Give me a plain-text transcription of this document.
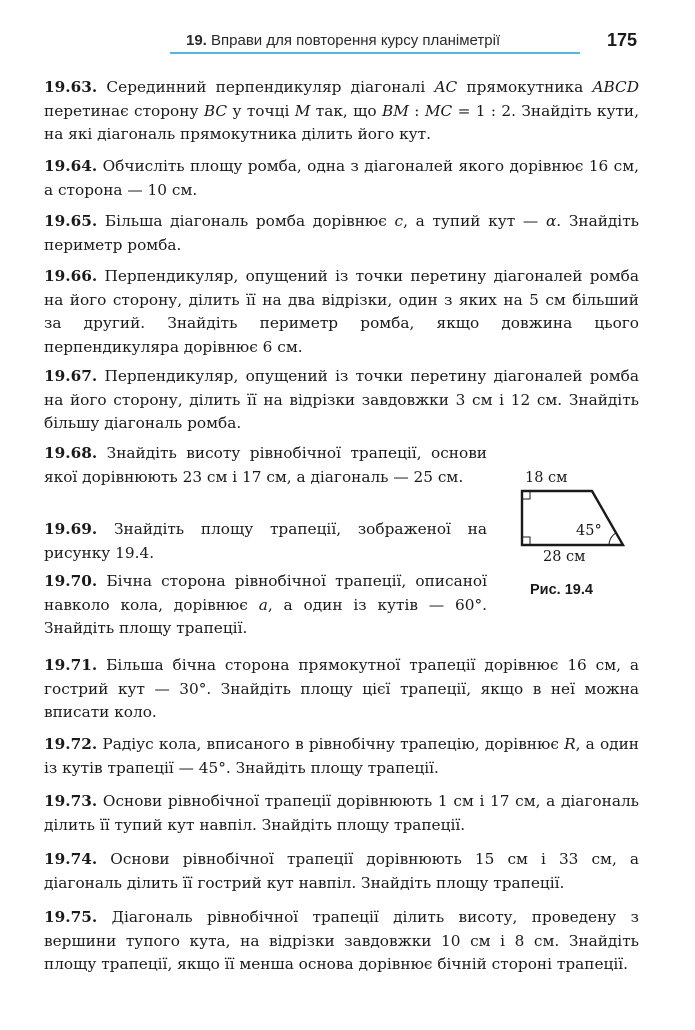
19. Вправи для повторення курсу планіметрії	175
19.63. Серединний перпендикуляр діагоналі AC прямокутника ABCD перетинає сторону BC у точці M так, що BM : MC = 1 : 2. Знайдіть кути, на які діагональ прямокутника ділить його кут.
19.64. Обчисліть площу ромба, одна з діагоналей якого дорівнює 16 см, а сторона — 10 см.
19.65. Більша діагональ ромба дорівнює c, а тупий кут — α. Знайдіть периметр ромба.
19.66. Перпендикуляр, опущений із точки перетину діагоналей ромба на його сторону, ділить її на два відрізки, один з яких на 5 см більший за другий. Знайдіть периметр ромба, якщо довжина цього перпендикуляра дорівнює 6 см.
19.67. Перпендикуляр, опущений із точки перетину діагоналей ромба на його сторону, ділить її на відрізки завдовжки 3 см і 12 см. Знайдіть більшу діагональ ромба.
19.68. Знайдіть висоту рівнобічної трапеції, основи якої дорівнюють 23 см і 17 см, а діагональ — 25 см.
19.69. Знайдіть площу трапеції, зображеної на рисунку 19.4.
19.70. Бічна сторона рівнобічної трапеції, описаної навколо кола, дорівнює a, а один із кутів — 60°. Знайдіть площу трапеції.
19.71. Більша бічна сторона прямокутної трапеції дорівнює 16 см, а гострий кут — 30°. Знайдіть площу цієї трапеції, якщо в неї можна вписати коло.
19.72. Радіус кола, вписаного в рівнобічну трапецію, дорівнює R, а один із кутів трапеції — 45°. Знайдіть площу трапеції.
19.73. Основи рівнобічної трапеції дорівнюють 1 см і 17 см, а діагональ ділить її тупий кут навпіл. Знайдіть площу трапеції.
19.74. Основи рівнобічної трапеції дорівнюють 15 см і 33 см, а діагональ ділить її гострий кут навпіл. Знайдіть площу трапеції.
19.75. Діагональ рівнобічної трапеції ділить висоту, проведену з вершини тупого кута, на відрізки завдовжки 10 см і 8 см. Знайдіть площу трапеції, якщо її менша основа дорівнює бічній стороні трапеції.
18 см
45°
28 см
Рис. 19.4
